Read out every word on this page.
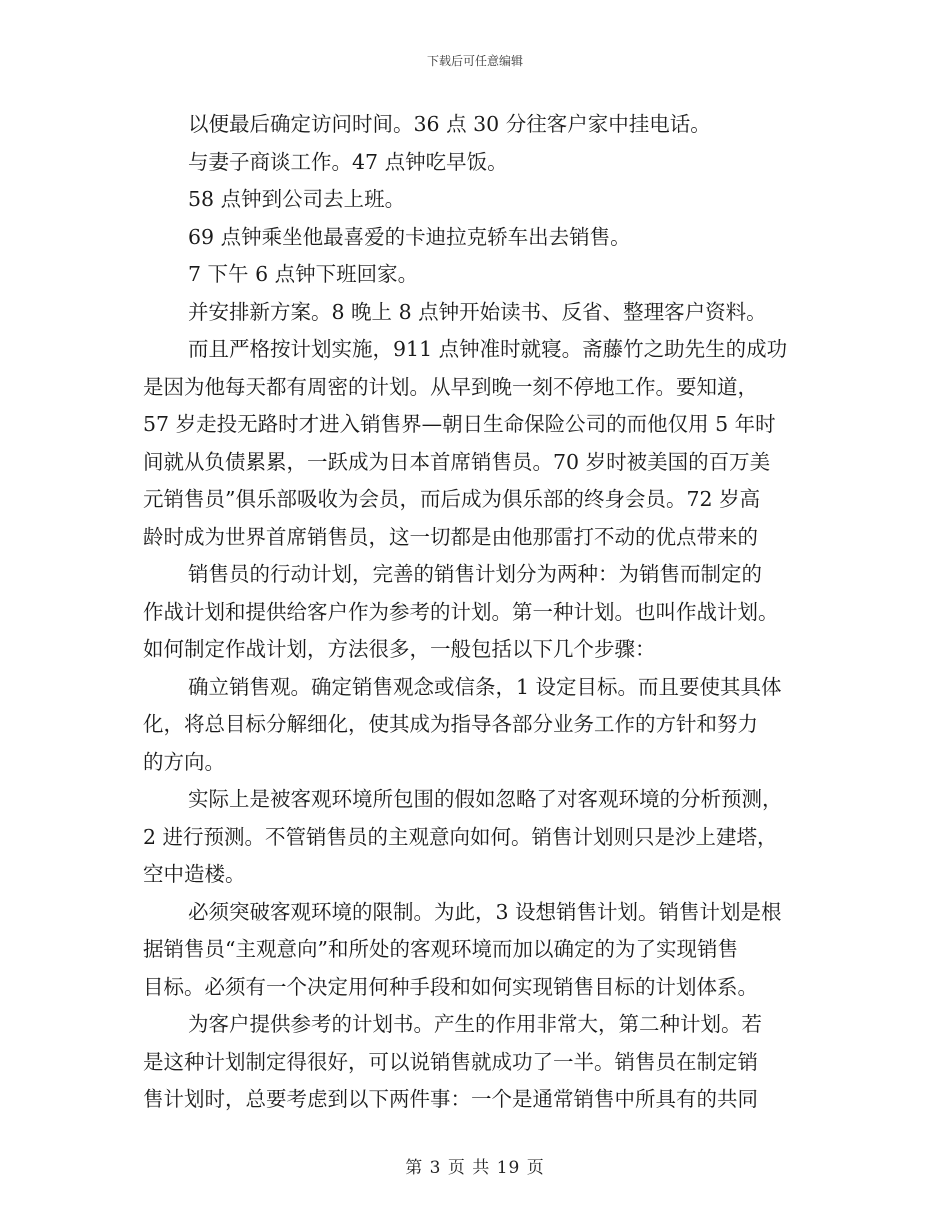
下载后可任意编辑
以便最后确定访问时间。36 点 30 分往客户家中挂电话。
与妻子商谈工作。47 点钟吃早饭。
58 点钟到公司去上班。
69 点钟乘坐他最喜爱的卡迪拉克轿车出去销售。
7 下午 6 点钟下班回家。
并安排新方案。8 晚上 8 点钟开始读书、反省、整理客户资料。
而且严格按计划实施，911 点钟准时就寝。斋藤竹之助先生的成功
是因为他每天都有周密的计划。从早到晚一刻不停地工作。要知道，
57 岁走投无路时才进入销售界—朝日生命保险公司的而他仅用 5 年时
间就从负债累累，一跃成为日本首席销售员。70 岁时被美国的百万美
元销售员”俱乐部吸收为会员，而后成为俱乐部的终身会员。72 岁高
龄时成为世界首席销售员，这一切都是由他那雷打不动的优点带来的
销售员的行动计划，完善的销售计划分为两种：为销售而制定的
作战计划和提供给客户作为参考的计划。第一种计划。也叫作战计划。
如何制定作战计划，方法很多，一般包括以下几个步骤：
确立销售观。确定销售观念或信条，1 设定目标。而且要使其具体
化，将总目标分解细化，使其成为指导各部分业务工作的方针和努力
的方向。
实际上是被客观环境所包围的假如忽略了对客观环境的分析预测，
2 进行预测。不管销售员的主观意向如何。销售计划则只是沙上建塔，
空中造楼。
必须突破客观环境的限制。为此，3 设想销售计划。销售计划是根
据销售员“主观意向”和所处的客观环境而加以确定的为了实现销售
目标。必须有一个决定用何种手段和如何实现销售目标的计划体系。
为客户提供参考的计划书。产生的作用非常大，第二种计划。若
是这种计划制定得很好，可以说销售就成功了一半。销售员在制定销
售计划时，总要考虑到以下两件事：一个是通常销售中所具有的共同
第 3 页 共 19 页
